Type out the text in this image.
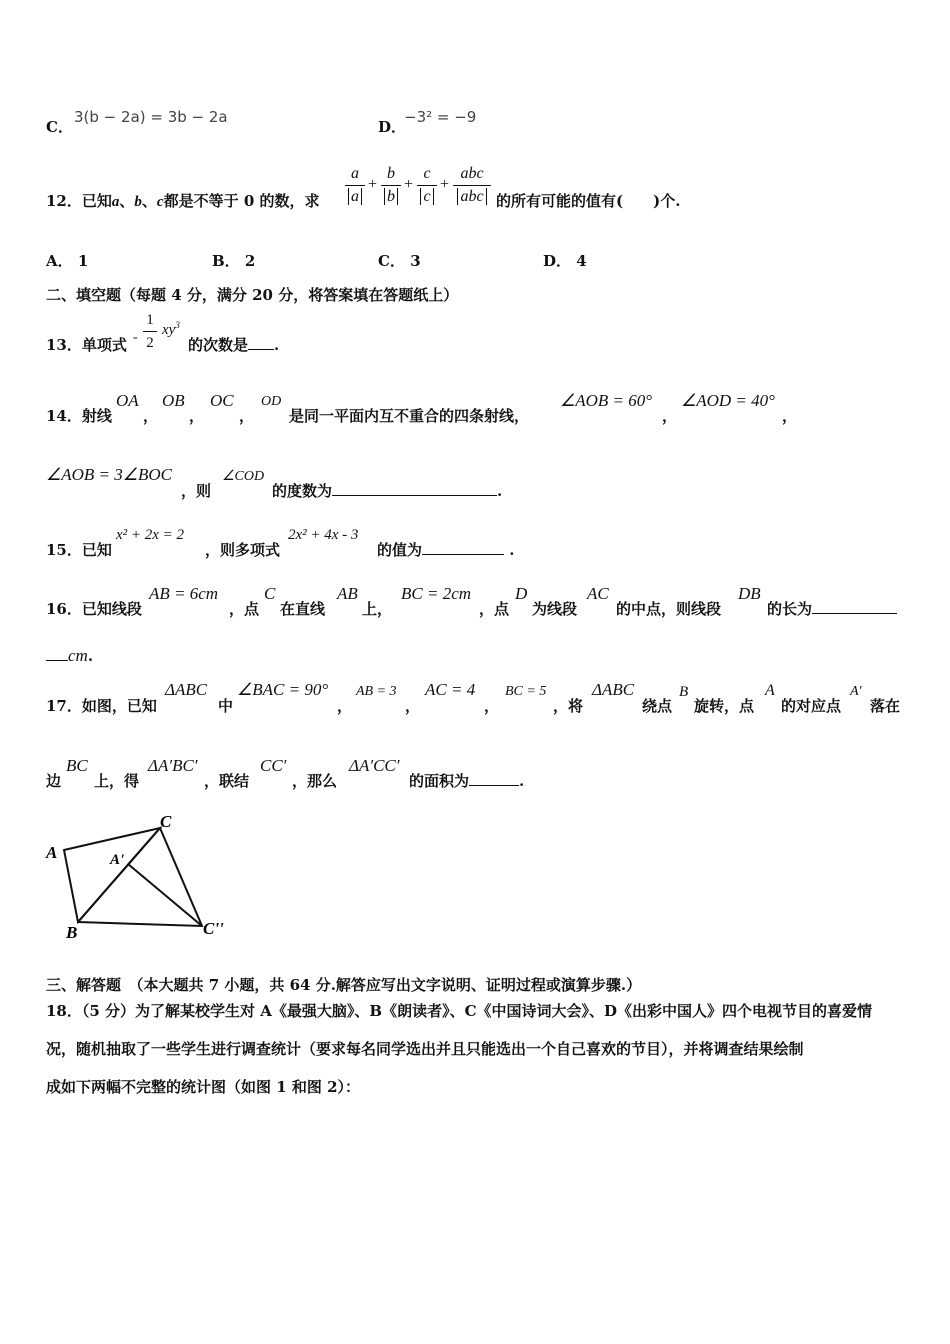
C．
3(b − 2a) = 3b − 2a
D．
−3² = −9
12．已知a、b、c都是不等于 0 的数，求
a
a
+
b
b
+
c
c
+
abc
abc 的所有可能的值有(　　)个.
A． 1	B． 2	C． 3	D． 4
二、填空题（每题 4 分，满分 20 分，将答案填在答题纸上）
13．单项式 -
1
2
$xy^3$
的次数是 .
14．射线
OA
，
OB
，
OC
，
OD
是同一平面内互不重合的四条射线，
∠AOB = 60°
，
∠AOD = 40°
，
∠AOB = 3∠BOC
，则
∠COD
的度数为	.
15．已知
x² + 2x = 2
，则多项式
2x² + 4x - 3
的值为	.
16．已知线段
AB = 6cm
，点
C
在直线
AB
上，
BC = 2cm
，点
D
为线段
AC
的中点，则线段
DB
的长为
cm.
17．如图，已知
ΔABC
中
∠BAC = 90°
，
AB = 3
，
AC = 4
，
BC = 5
，将
ΔABC
绕点
B
旋转，点
A
的对应点
A′
落在
边
BC
上，得
ΔA′BC′
，联结
CC′
，那么
ΔA′CC′
的面积为	.
A
C
A'
B	C''
三、解答题　（本大题共 7 小题，共 64 分.解答应写出文字说明、证明过程或演算步骤.）
18．（5 分）为了解某校学生对 A《最强大脑》、B《朗读者》、C《中国诗词大会》、D《出彩中国人》四个电视节目的喜爱情
况，随机抽取了一些学生进行调查统计（要求每名同学选出并且只能选出一个自己喜欢的节目），并将调查结果绘制
成如下两幅不完整的统计图（如图 1 和图 2）：
